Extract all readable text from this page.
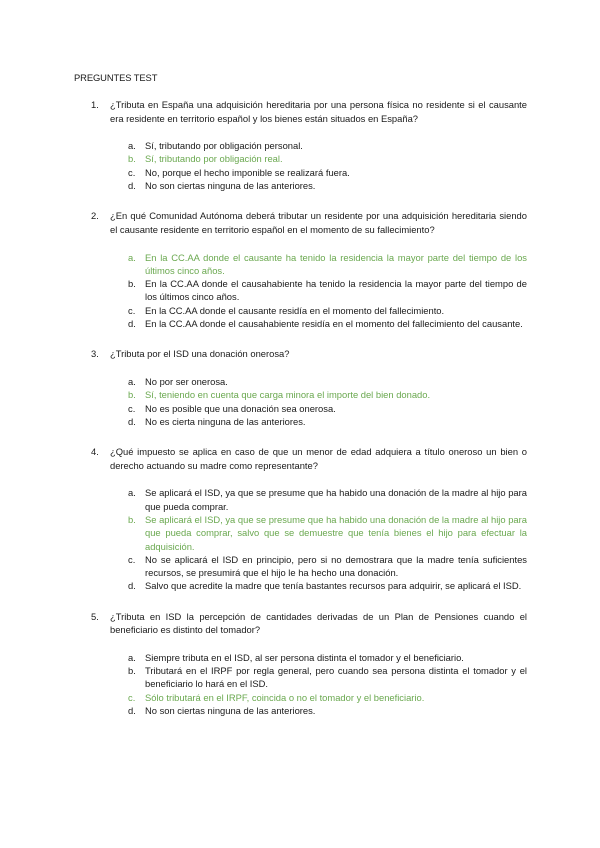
PREGUNTES TEST
1.	¿Tributa en España una adquisición hereditaria por una persona física no residente si el causante era residente en territorio español y los bienes están situados en España?
a. Sí, tributando por obligación personal.
b. Sí, tributando por obligación real.
c.	No, porque el hecho imponible se realizará fuera.
d. No son ciertas ninguna de las anteriores.
2.	¿En qué Comunidad Autónoma deberá tributar un residente por una adquisición hereditaria siendo el causante residente en territorio español en el momento de su fallecimiento?
a. En la CC.AA donde el causante ha tenido la residencia la mayor parte del tiempo de los últimos cinco años.
b. En la CC.AA donde el causahabiente ha tenido la residencia la mayor parte del tiempo de los últimos cinco años.
c.	En la CC.AA donde el causante residía en el momento del fallecimiento.
d. En la CC.AA donde el causahabiente residía en el momento del fallecimiento del causante.
3.	¿Tributa por el ISD una donación onerosa?
a. No por ser onerosa.
b. Sí, teniendo en cuenta que carga minora el importe del bien donado.
c.	No es posible que una donación sea onerosa.
d. No es cierta ninguna de las anteriores.
4.	¿Qué impuesto se aplica en caso de que un menor de edad adquiera a título oneroso un bien o derecho actuando su madre como representante?
a. Se aplicará el ISD, ya que se presume que ha habido una donación de la madre al hijo para que pueda comprar.
b. Se aplicará el ISD, ya que se presume que ha habido una donación de la madre al hijo para que pueda comprar, salvo que se demuestre que tenía bienes el hijo para efectuar la adquisición.
c.	No se aplicará el ISD en principio, pero si no demostrara que la madre tenía suficientes recursos, se presumirá que el hijo le ha hecho una donación.
d. Salvo que acredite la madre que tenía bastantes recursos para adquirir, se aplicará el ISD.
5.	¿Tributa en ISD la percepción de cantidades derivadas de un Plan de Pensiones cuando el beneficiario es distinto del tomador?
a. Siempre tributa en el ISD, al ser persona distinta el tomador y el beneficiario.
b. Tributará en el IRPF por regla general, pero cuando sea persona distinta el tomador y el beneficiario lo hará en el ISD.
c.	Sólo tributará en el IRPF, coincida o no el tomador y el beneficiario.
d. No son ciertas ninguna de las anteriores.
